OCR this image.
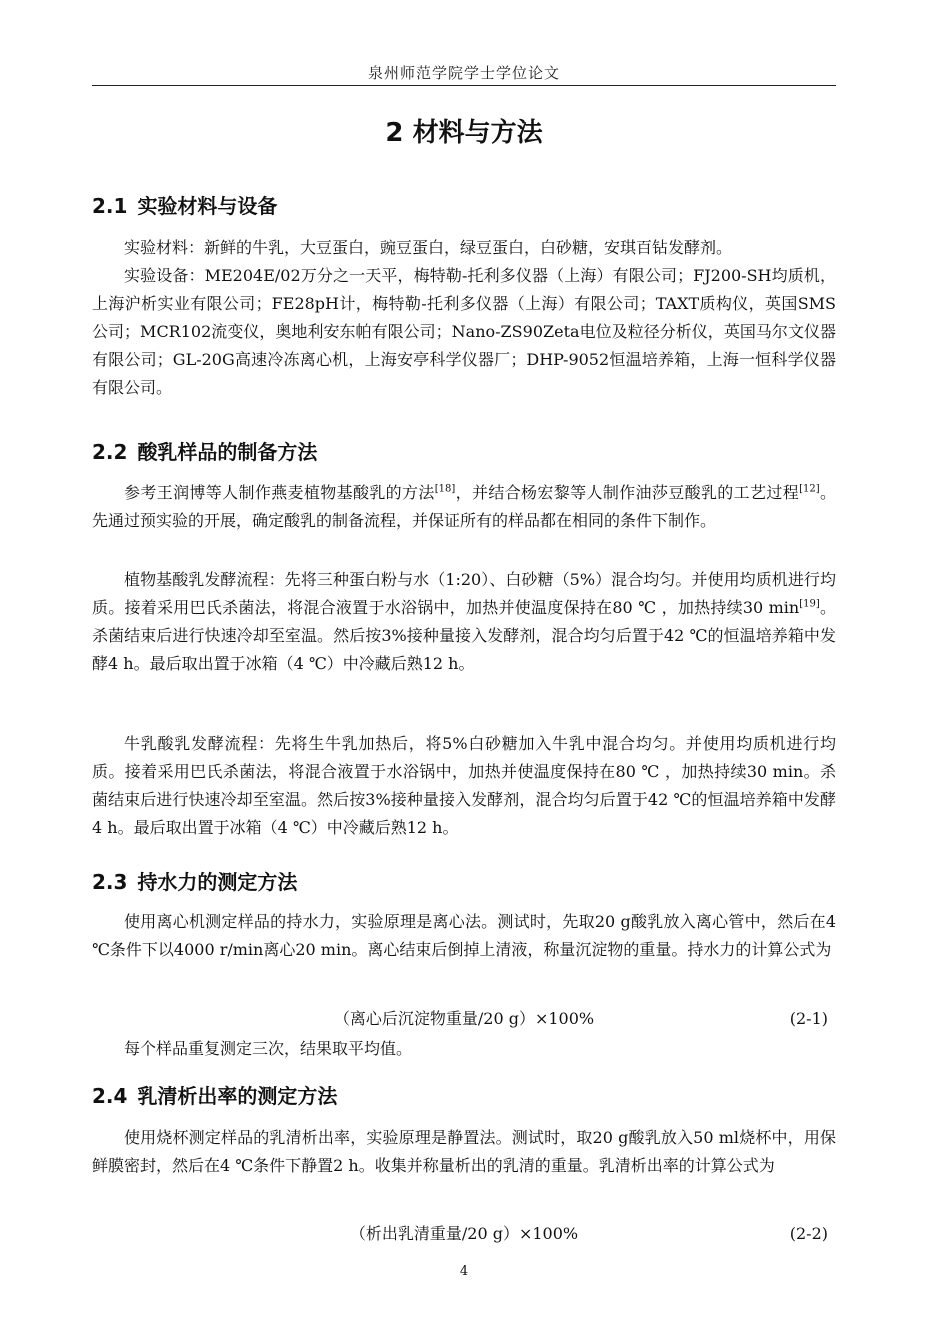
泉州师范学院学士学位论文
2 材料与方法
2.1 实验材料与设备

实验材料：新鲜的牛乳，大豆蛋白，豌豆蛋白，绿豆蛋白，白砂糖，安琪百钻发酵剂。

实验设备：ME204E/02万分之一天平，梅特勒-托利多仪器（上海）有限公司；FJ200-SH均质机，上海沪析实业有限公司；FE28pH计，梅特勒-托利多仪器（上海）有限公司；TAXT质构仪，英国SMS公司；MCR102流变仪，奥地利安东帕有限公司；Nano-ZS90Zeta电位及粒径分析仪，英国马尔文仪器有限公司；GL-20G高速冷冻离心机，上海安亭科学仪器厂；DHP-9052恒温培养箱，上海一恒科学仪器有限公司。

2.2 酸乳样品的制备方法

参考王润博等人制作燕麦植物基酸乳的方法[18]，并结合杨宏黎等人制作油莎豆酸乳的工艺过程[12]。先通过预实验的开展，确定酸乳的制备流程，并保证所有的样品都在相同的条件下制作。

植物基酸乳发酵流程：先将三种蛋白粉与水（1:20）、白砂糖（5%）混合均匀。并使用均质机进行均质。接着采用巴氏杀菌法，将混合液置于水浴锅中，加热并使温度保持在80 ℃ ，加热持续30 min[19]。杀菌结束后进行快速冷却至室温。然后按3%接种量接入发酵剂，混合均匀后置于42 ℃的恒温培养箱中发酵4 h。最后取出置于冰箱（4 ℃）中冷藏后熟12 h。

牛乳酸乳发酵流程：先将生牛乳加热后，将5%白砂糖加入牛乳中混合均匀。并使用均质机进行均质。接着采用巴氏杀菌法，将混合液置于水浴锅中，加热并使温度保持在80 ℃ ，加热持续30 min。杀菌结束后进行快速冷却至室温。然后按3%接种量接入发酵剂，混合均匀后置于42 ℃的恒温培养箱中发酵4 h。最后取出置于冰箱（4 ℃）中冷藏后熟12 h。

2.3 持水力的测定方法

使用离心机测定样品的持水力，实验原理是离心法。测试时，先取20 g酸乳放入离心管中，然后在4 ℃条件下以4000 r/min离心20 min。离心结束后倒掉上清液，称量沉淀物的重量。持水力的计算公式为

（离心后沉淀物重量/20 g）×100%	(2-1)

每个样品重复测定三次，结果取平均值。

2.4 乳清析出率的测定方法

使用烧杯测定样品的乳清析出率，实验原理是静置法。测试时，取20 g酸乳放入50 ml烧杯中，用保鲜膜密封，然后在4 ℃条件下静置2 h。收集并称量析出的乳清的重量。乳清析出率的计算公式为

（析出乳清重量/20 g）×100%	(2-2)
4
